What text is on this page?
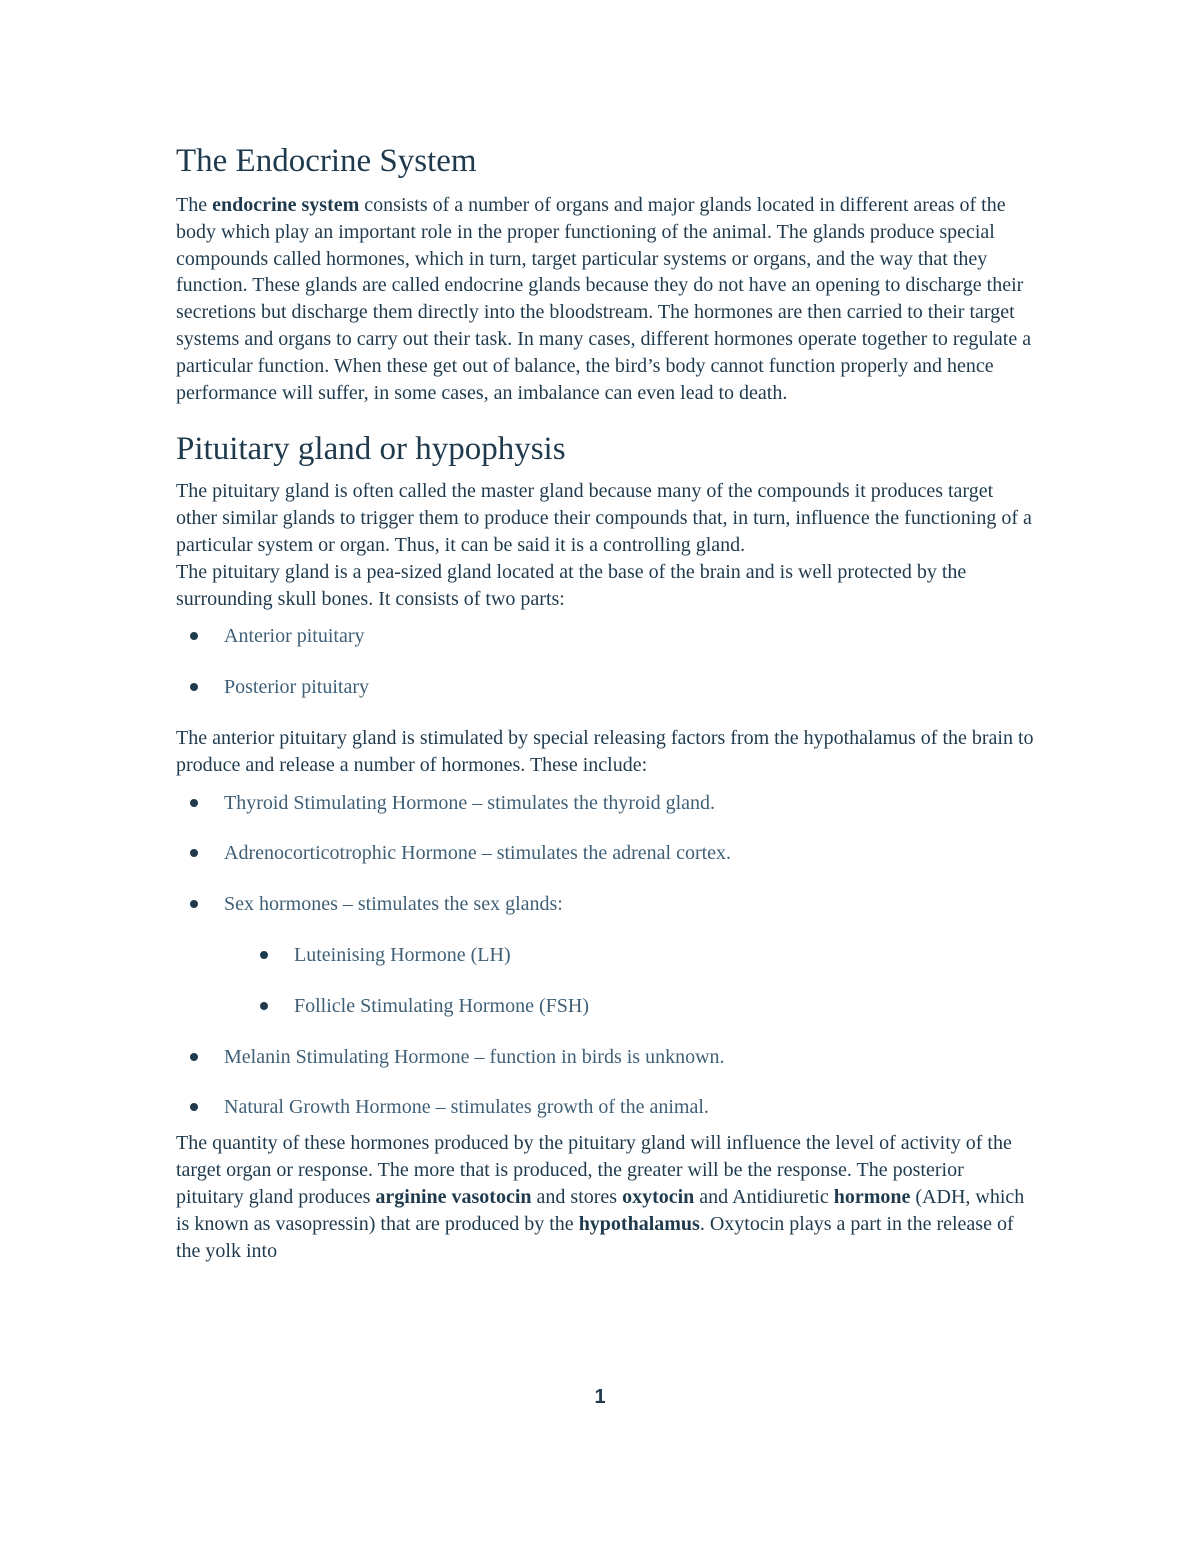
The Endocrine System

The endocrine system consists of a number of organs and major glands located in different areas of the body which play an important role in the proper functioning of the animal. The glands produce special compounds called hormones, which in turn, target particular systems or organs, and the way that they function. These glands are called endocrine glands because they do not have an opening to discharge their secretions but discharge them directly into the bloodstream. The hormones are then carried to their target systems and organs to carry out their task. In many cases, different hormones operate together to regulate a particular function. When these get out of balance, the bird’s body cannot function properly and hence performance will suffer, in some cases, an imbalance can even lead to death.

Pituitary gland or hypophysis

The pituitary gland is often called the master gland because many of the compounds it produces target other similar glands to trigger them to produce their compounds that, in turn, influence the functioning of a particular system or organ. Thus, it can be said it is a controlling gland.

The pituitary gland is a pea-sized gland located at the base of the brain and is well protected by the surrounding skull bones. It consists of two parts:

Anterior pituitary
Posterior pituitary

The anterior pituitary gland is stimulated by special releasing factors from the hypothalamus of the brain to produce and release a number of hormones. These include:

Thyroid Stimulating Hormone – stimulates the thyroid gland.
Adrenocorticotrophic Hormone – stimulates the adrenal cortex.
Sex hormones – stimulates the sex glands:
Luteinising Hormone (LH)
Follicle Stimulating Hormone (FSH)
Melanin Stimulating Hormone – function in birds is unknown.
Natural Growth Hormone – stimulates growth of the animal.

The quantity of these hormones produced by the pituitary gland will influence the level of activity of the target organ or response. The more that is produced, the greater will be the response. The posterior pituitary gland produces arginine vasotocin and stores oxytocin and Antidiuretic hormone (ADH, which is known as vasopressin) that are produced by the hypothalamus. Oxytocin plays a part in the release of the yolk into

1
